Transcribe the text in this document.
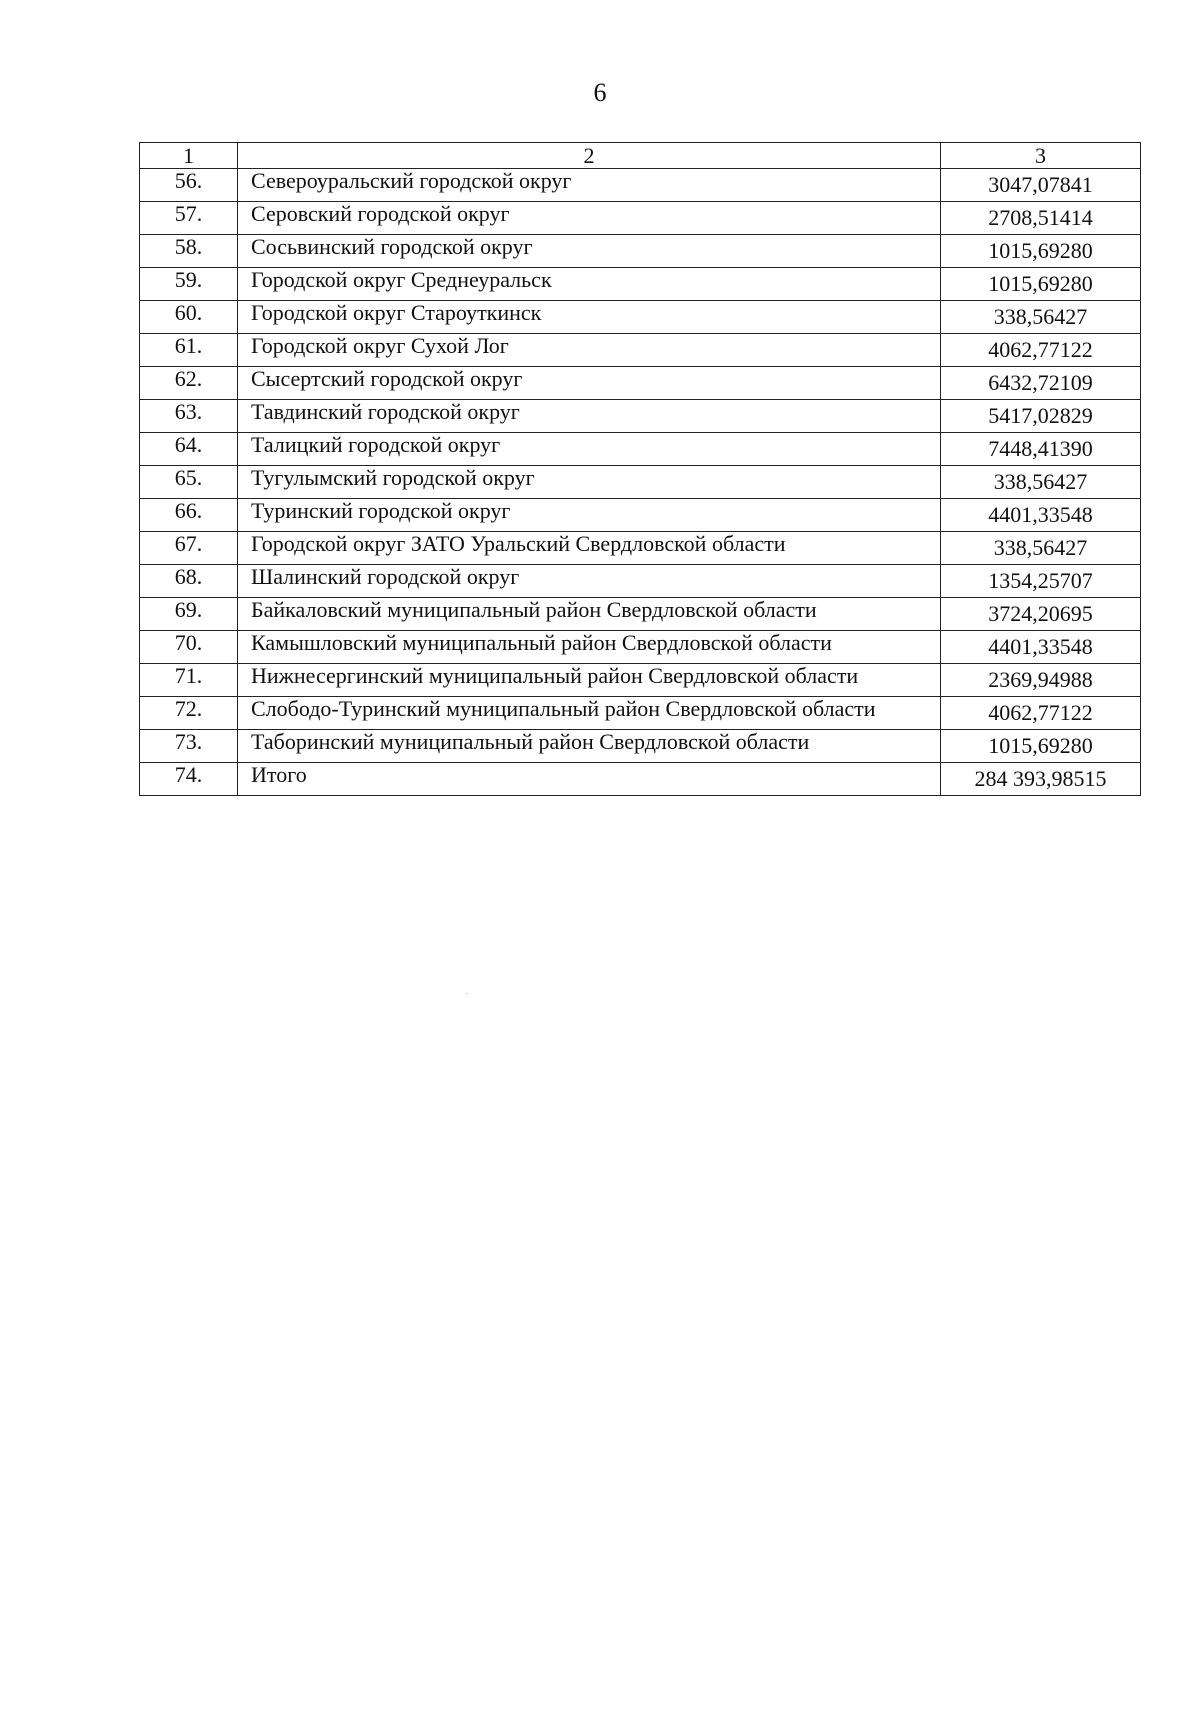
6
1	2	3
56.	Североуральский городской округ	3047,07841
57.	Серовский городской округ	2708,51414
58.	Сосьвинский городской округ	1015,69280
59.	Городской округ Среднеуральск	1015,69280
60.	Городской округ Староуткинск	338,56427
61.	Городской округ Сухой Лог	4062,77122
62.	Сысертский городской округ	6432,72109
63.	Тавдинский городской округ	5417,02829
64.	Талицкий городской округ	7448,41390
65.	Тугулымский городской округ	338,56427
66.	Туринский городской округ	4401,33548
67.	Городской округ ЗАТО Уральский Свердловской области	338,56427
68.	Шалинский городской округ	1354,25707
69.	Байкаловский муниципальный район Свердловской области	3724,20695
70.	Камышловский муниципальный район Свердловской области	4401,33548
71.	Нижнесергинский муниципальный район Свердловской области	2369,94988
72.	Слободо-Туринский муниципальный район Свердловской области	4062,77122
73.	Таборинский муниципальный район Свердловской области	1015,69280
74.	Итого	284 393,98515
